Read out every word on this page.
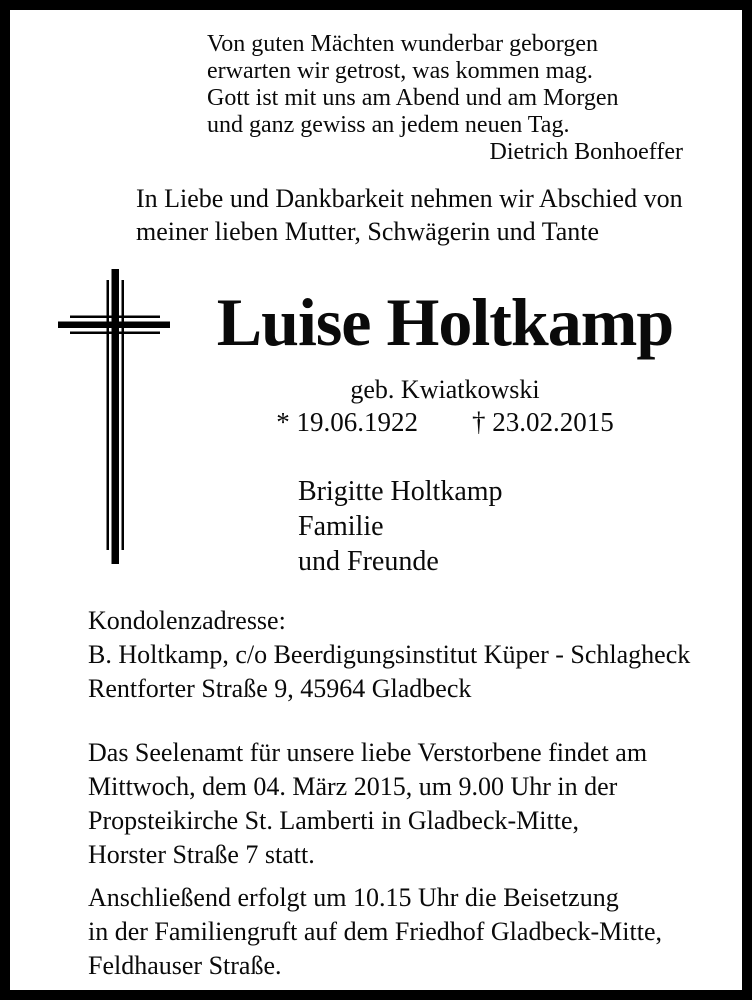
Von guten Mächten wunderbar geborgen
erwarten wir getrost, was kommen mag.
Gott ist mit uns am Abend und am Morgen
und ganz gewiss an jedem neuen Tag.
Dietrich Bonhoeffer
In Liebe und Dankbarkeit nehmen wir Abschied von
meiner lieben Mutter, Schwägerin und Tante
Luise Holtkamp
geb. Kwiatkowski
* 19.06.1922 † 23.02.2015
Brigitte Holtkamp
Familie
und Freunde
Kondolenzadresse:
B. Holtkamp, c/o Beerdigungsinstitut Küper - Schlagheck
Rentforter Straße 9, 45964 Gladbeck
Das Seelenamt für unsere liebe Verstorbene findet am
Mittwoch, dem 04. März 2015, um 9.00 Uhr in der
Propsteikirche St. Lamberti in Gladbeck-Mitte,
Horster Straße 7 statt.
Anschließend erfolgt um 10.15 Uhr die Beisetzung
in der Familiengruft auf dem Friedhof Gladbeck-Mitte,
Feldhauser Straße.
